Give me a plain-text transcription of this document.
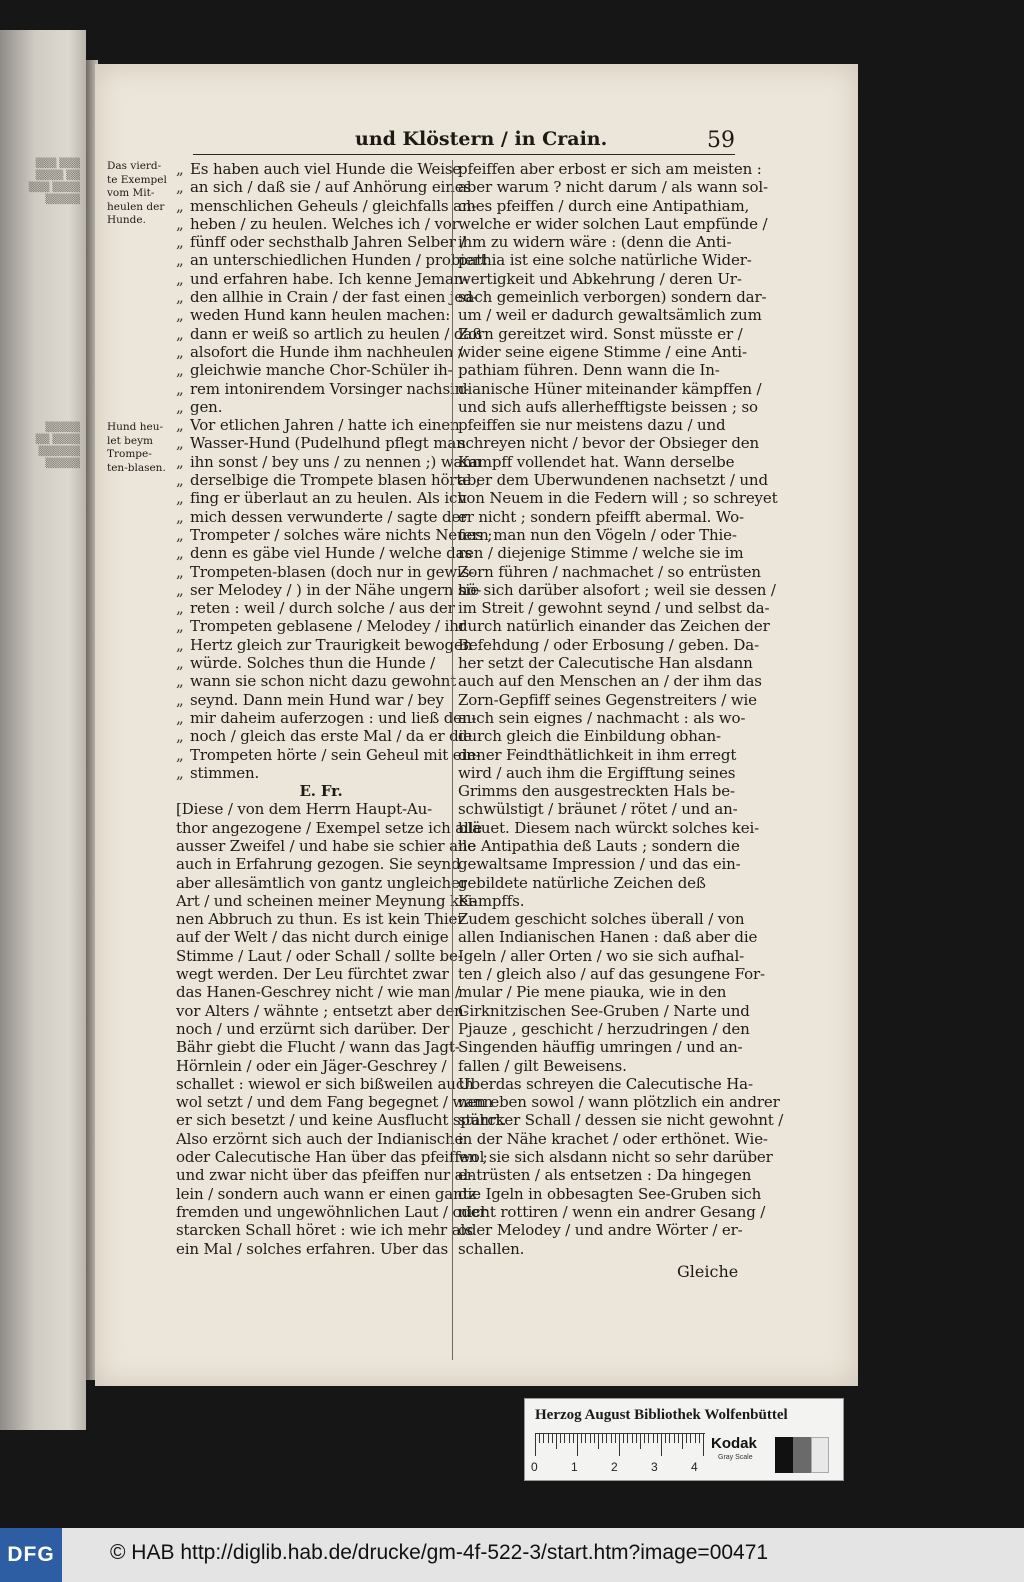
▒▒▒ ▒▒▒
▒▒▒▒ ▒▒
▒▒▒ ▒▒▒▒
▒▒▒▒▒
▒▒▒▒▒
▒▒ ▒▒▒▒
▒▒▒▒▒▒
▒▒▒▒▒
und Klöstern / in Crain.	59
Das vierd-
te Exempel
vom Mit-
heulen der
Hunde.
Hund heu-
let beym
Trompe-
ten-blasen.
„ Es haben auch viel Hunde die Weise
„ an sich / daß sie / auf Anhörung eines
„ menschlichen Geheuls / gleichfalls an-
„ heben / zu heulen. Welches ich / vor
„ fünff oder sechsthalb Jahren Selber /
„ an unterschiedlichen Hunden / probiert
„ und erfahren habe. Ich kenne Jeman-
„ den allhie in Crain / der fast einen jed-
„ weden Hund kann heulen machen:
„ dann er weiß so artlich zu heulen / daß
„ alsofort die Hunde ihm nachheulen /
„ gleichwie manche Chor-Schüler ih-
„ rem intonirendem Vorsinger nachsin-
„ gen.
„ Vor etlichen Jahren / hatte ich einen
„ Wasser-Hund (Pudelhund pflegt man
„ ihn sonst / bey uns / zu nennen ;) wann
„ derselbige die Trompete blasen hörte ;
„ fing er überlaut an zu heulen. Als ich
„ mich dessen verwunderte / sagte der
„ Trompeter / solches wäre nichts Neues ;
„ denn es gäbe viel Hunde / welche das
„ Trompeten-blasen (doch nur in gewis-
„ ser Melodey / ) in der Nähe ungern hö-
„ reten : weil / durch solche / aus der
„ Trompeten geblasene / Melodey / ihr
„ Hertz gleich zur Traurigkeit bewogen
„ würde. Solches thun die Hunde /
„ wann sie schon nicht dazu gewohnt
„ seynd. Dann mein Hund war / bey
„ mir daheim auferzogen : und ließ den-
„ noch / gleich das erste Mal / da er die
„ Trompeten hörte / sein Geheul mit ein-
„ stimmen.
E. Fr.
[Diese / von dem Herrn Haupt-Au-
thor angezogene / Exempel setze ich alle
ausser Zweifel / und habe sie schier alle
auch in Erfahrung gezogen. Sie seynd
aber allesämtlich von gantz ungleicher
Art / und scheinen meiner Meynung kei-
nen Abbruch zu thun. Es ist kein Thier
auf der Welt / das nicht durch einige
Stimme / Laut / oder Schall / sollte be-
wegt werden. Der Leu fürchtet zwar
das Hanen-Geschrey nicht / wie man /
vor Alters / wähnte ; entsetzt aber den-
noch / und erzürnt sich darüber. Der
Bähr giebt die Flucht / wann das Jagt-
Hörnlein / oder ein Jäger-Geschrey /
schallet : wiewol er sich bißweilen auch
wol setzt / und dem Fang begegnet / wann
er sich besetzt / und keine Ausflucht spührt.
Also erzörnt sich auch der Indianische
oder Calecutische Han über das pfeiffen ;
und zwar nicht über das pfeiffen nur al-
lein / sondern auch wann er einen gantz
fremden und ungewöhnlichen Laut / oder
starcken Schall höret : wie ich mehr als
ein Mal / solches erfahren. Uber das
pfeiffen aber erbost er sich am meisten :
aber warum ? nicht darum / als wann sol-
ches pfeiffen / durch eine Antipathiam,
welche er wider solchen Laut empfünde /
ihm zu widern wäre : (denn die Anti-
pathia ist eine solche natürliche Wider-
wertigkeit und Abkehrung / deren Ur-
sach gemeinlich verborgen) sondern dar-
um / weil er dadurch gewaltsämlich zum
Zorn gereitzet wird. Sonst müsste er /
wider seine eigene Stimme / eine Anti-
pathiam führen. Denn wann die In-
dianische Hüner miteinander kämpffen /
und sich aufs allerhefftigste beissen ; so
pfeiffen sie nur meistens dazu / und
schreyen nicht / bevor der Obsieger den
Kampff vollendet hat. Wann derselbe
aber dem Uberwundenen nachsetzt / und
von Neuem in die Federn will ; so schreyet
er nicht ; sondern pfeifft abermal. Wo-
fern man nun den Vögeln / oder Thie-
ren / diejenige Stimme / welche sie im
Zorn führen / nachmachet / so entrüsten
sie sich darüber alsofort ; weil sie dessen /
im Streit / gewohnt seynd / und selbst da-
durch natürlich einander das Zeichen der
Befehdung / oder Erbosung / geben. Da-
her setzt der Calecutische Han alsdann
auch auf den Menschen an / der ihm das
Zorn-Gepfiff seines Gegenstreiters / wie
auch sein eignes / nachmacht : als wo-
durch gleich die Einbildung obhan-
dener Feindthätlichkeit in ihm erregt
wird / auch ihm die Ergifftung seines
Grimms den ausgestreckten Hals be-
schwülstigt / bräunet / rötet / und an-
bläuet. Diesem nach würckt solches kei-
ne Antipathia deß Lauts ; sondern die
gewaltsame Impression / und das ein-
gebildete natürliche Zeichen deß
Kampffs.
Zudem geschicht solches überall / von
allen Indianischen Hanen : daß aber die
Igeln / aller Orten / wo sie sich aufhal-
ten / gleich also / auf das gesungene For-
mular / Pie mene piauka, wie in den
Cirknitzischen See-Gruben / Narte und
Pjauze , geschicht / herzudringen / den
Singenden häuffig umringen / und an-
fallen / gilt Beweisens.
Uberdas schreyen die Calecutische Ha-
nen eben sowol / wann plötzlich ein andrer
starcker Schall / dessen sie nicht gewohnt /
in der Nähe krachet / oder erthönet. Wie-
wol sie sich alsdann nicht so sehr darüber
entrüsten / als entsetzen : Da hingegen
die Igeln in obbesagten See-Gruben sich
nicht rottiren / wenn ein andrer Gesang /
oder Melodey / und andre Wörter / er-
schallen.
Gleiche
Herzog August Bibliothek Wolfenbüttel
0	1	2	3	4
Kodak
Gray Scale
DFG	© HAB http://diglib.hab.de/drucke/gm-4f-522-3/start.htm?image=00471
